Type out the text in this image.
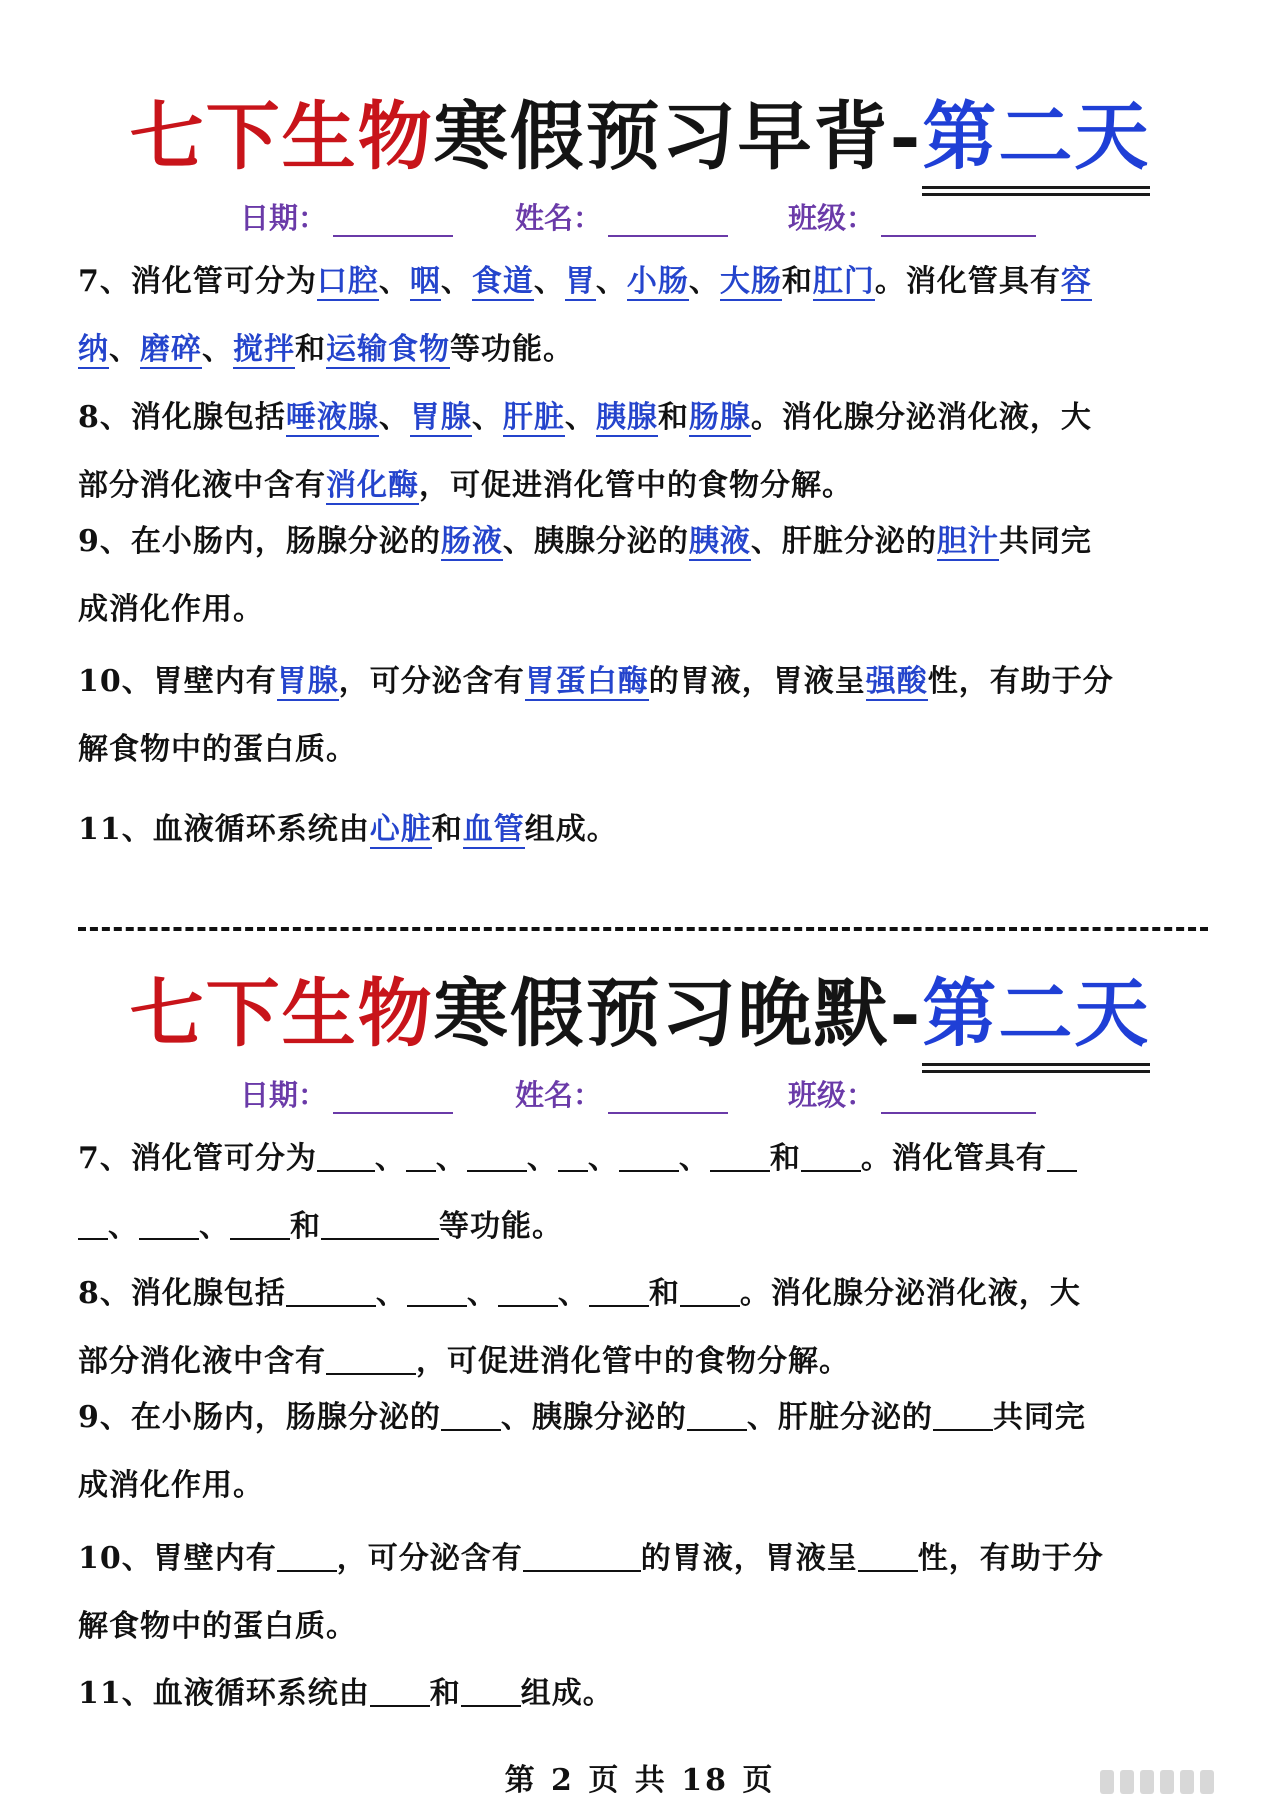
七下生物寒假预习早背-第二天
日期：	姓名：	班级：
7、消化管可分为口腔、咽、食道、胃、小肠、大肠和肛门。消化管具有容
纳、磨碎、搅拌和运输食物等功能。
8、消化腺包括唾液腺、胃腺、肝脏、胰腺和肠腺。消化腺分泌消化液，大
部分消化液中含有消化酶，可促进消化管中的食物分解。
9、在小肠内，肠腺分泌的肠液、胰腺分泌的胰液、肝脏分泌的胆汁共同完
成消化作用。
10、胃壁内有胃腺，可分泌含有胃蛋白酶的胃液，胃液呈强酸性，有助于分
解食物中的蛋白质。
11、血液循环系统由心脏和血管组成。
七下生物寒假预习晚默-第二天
日期：	姓名：	班级：
7、消化管可分为 、 、 、 、 、 和 。消化管具有
、 、 和	等功能。
8、消化腺包括	、 、 、 和 。消化腺分泌消化液，大
部分消化液中含有	，可促进消化管中的食物分解。
9、在小肠内，肠腺分泌的 、胰腺分泌的 、肝脏分泌的 共同完
成消化作用。
10、胃壁内有 ，可分泌含有	的胃液，胃液呈 性，有助于分
解食物中的蛋白质。
11、血液循环系统由 和 组成。
第 2 页 共 18 页
